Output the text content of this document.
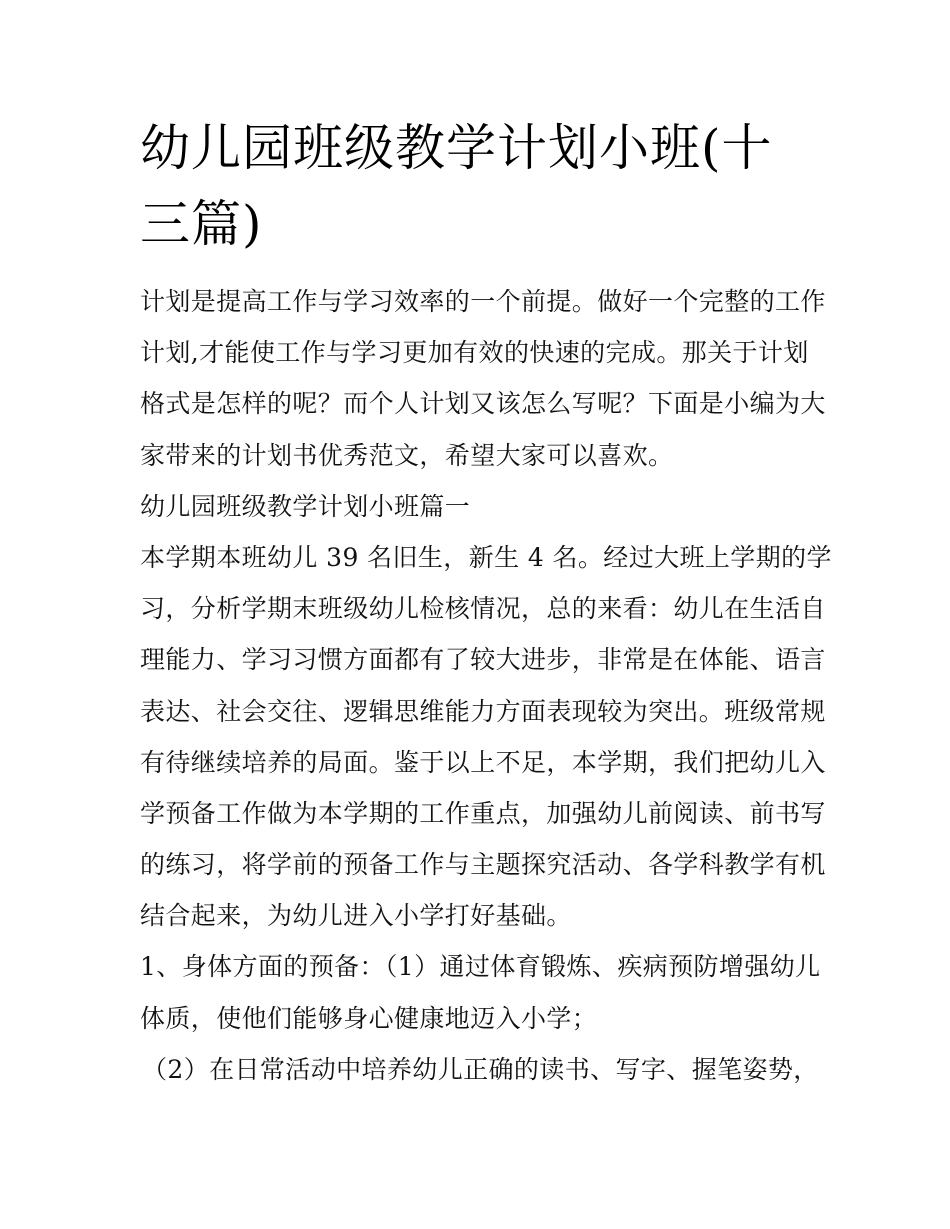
幼儿园班级教学计划小班(十三篇)
计划是提高工作与学习效率的一个前提。做好一个完整的工作
计划,才能使工作与学习更加有效的快速的完成。那关于计划
格式是怎样的呢？而个人计划又该怎么写呢？下面是小编为大
家带来的计划书优秀范文，希望大家可以喜欢。
幼儿园班级教学计划小班篇一
本学期本班幼儿 39 名旧生，新生 4 名。经过大班上学期的学
习，分析学期末班级幼儿检核情况，总的来看：幼儿在生活自
理能力、学习习惯方面都有了较大进步，非常是在体能、语言
表达、社会交往、逻辑思维能力方面表现较为突出。班级常规
有待继续培养的局面。鉴于以上不足，本学期，我们把幼儿入
学预备工作做为本学期的工作重点，加强幼儿前阅读、前书写
的练习，将学前的预备工作与主题探究活动、各学科教学有机
结合起来，为幼儿进入小学打好基础。
1、身体方面的预备：（1）通过体育锻炼、疾病预防增强幼儿
体质，使他们能够身心健康地迈入小学；
（2）在日常活动中培养幼儿正确的读书、写字、握笔姿势，
